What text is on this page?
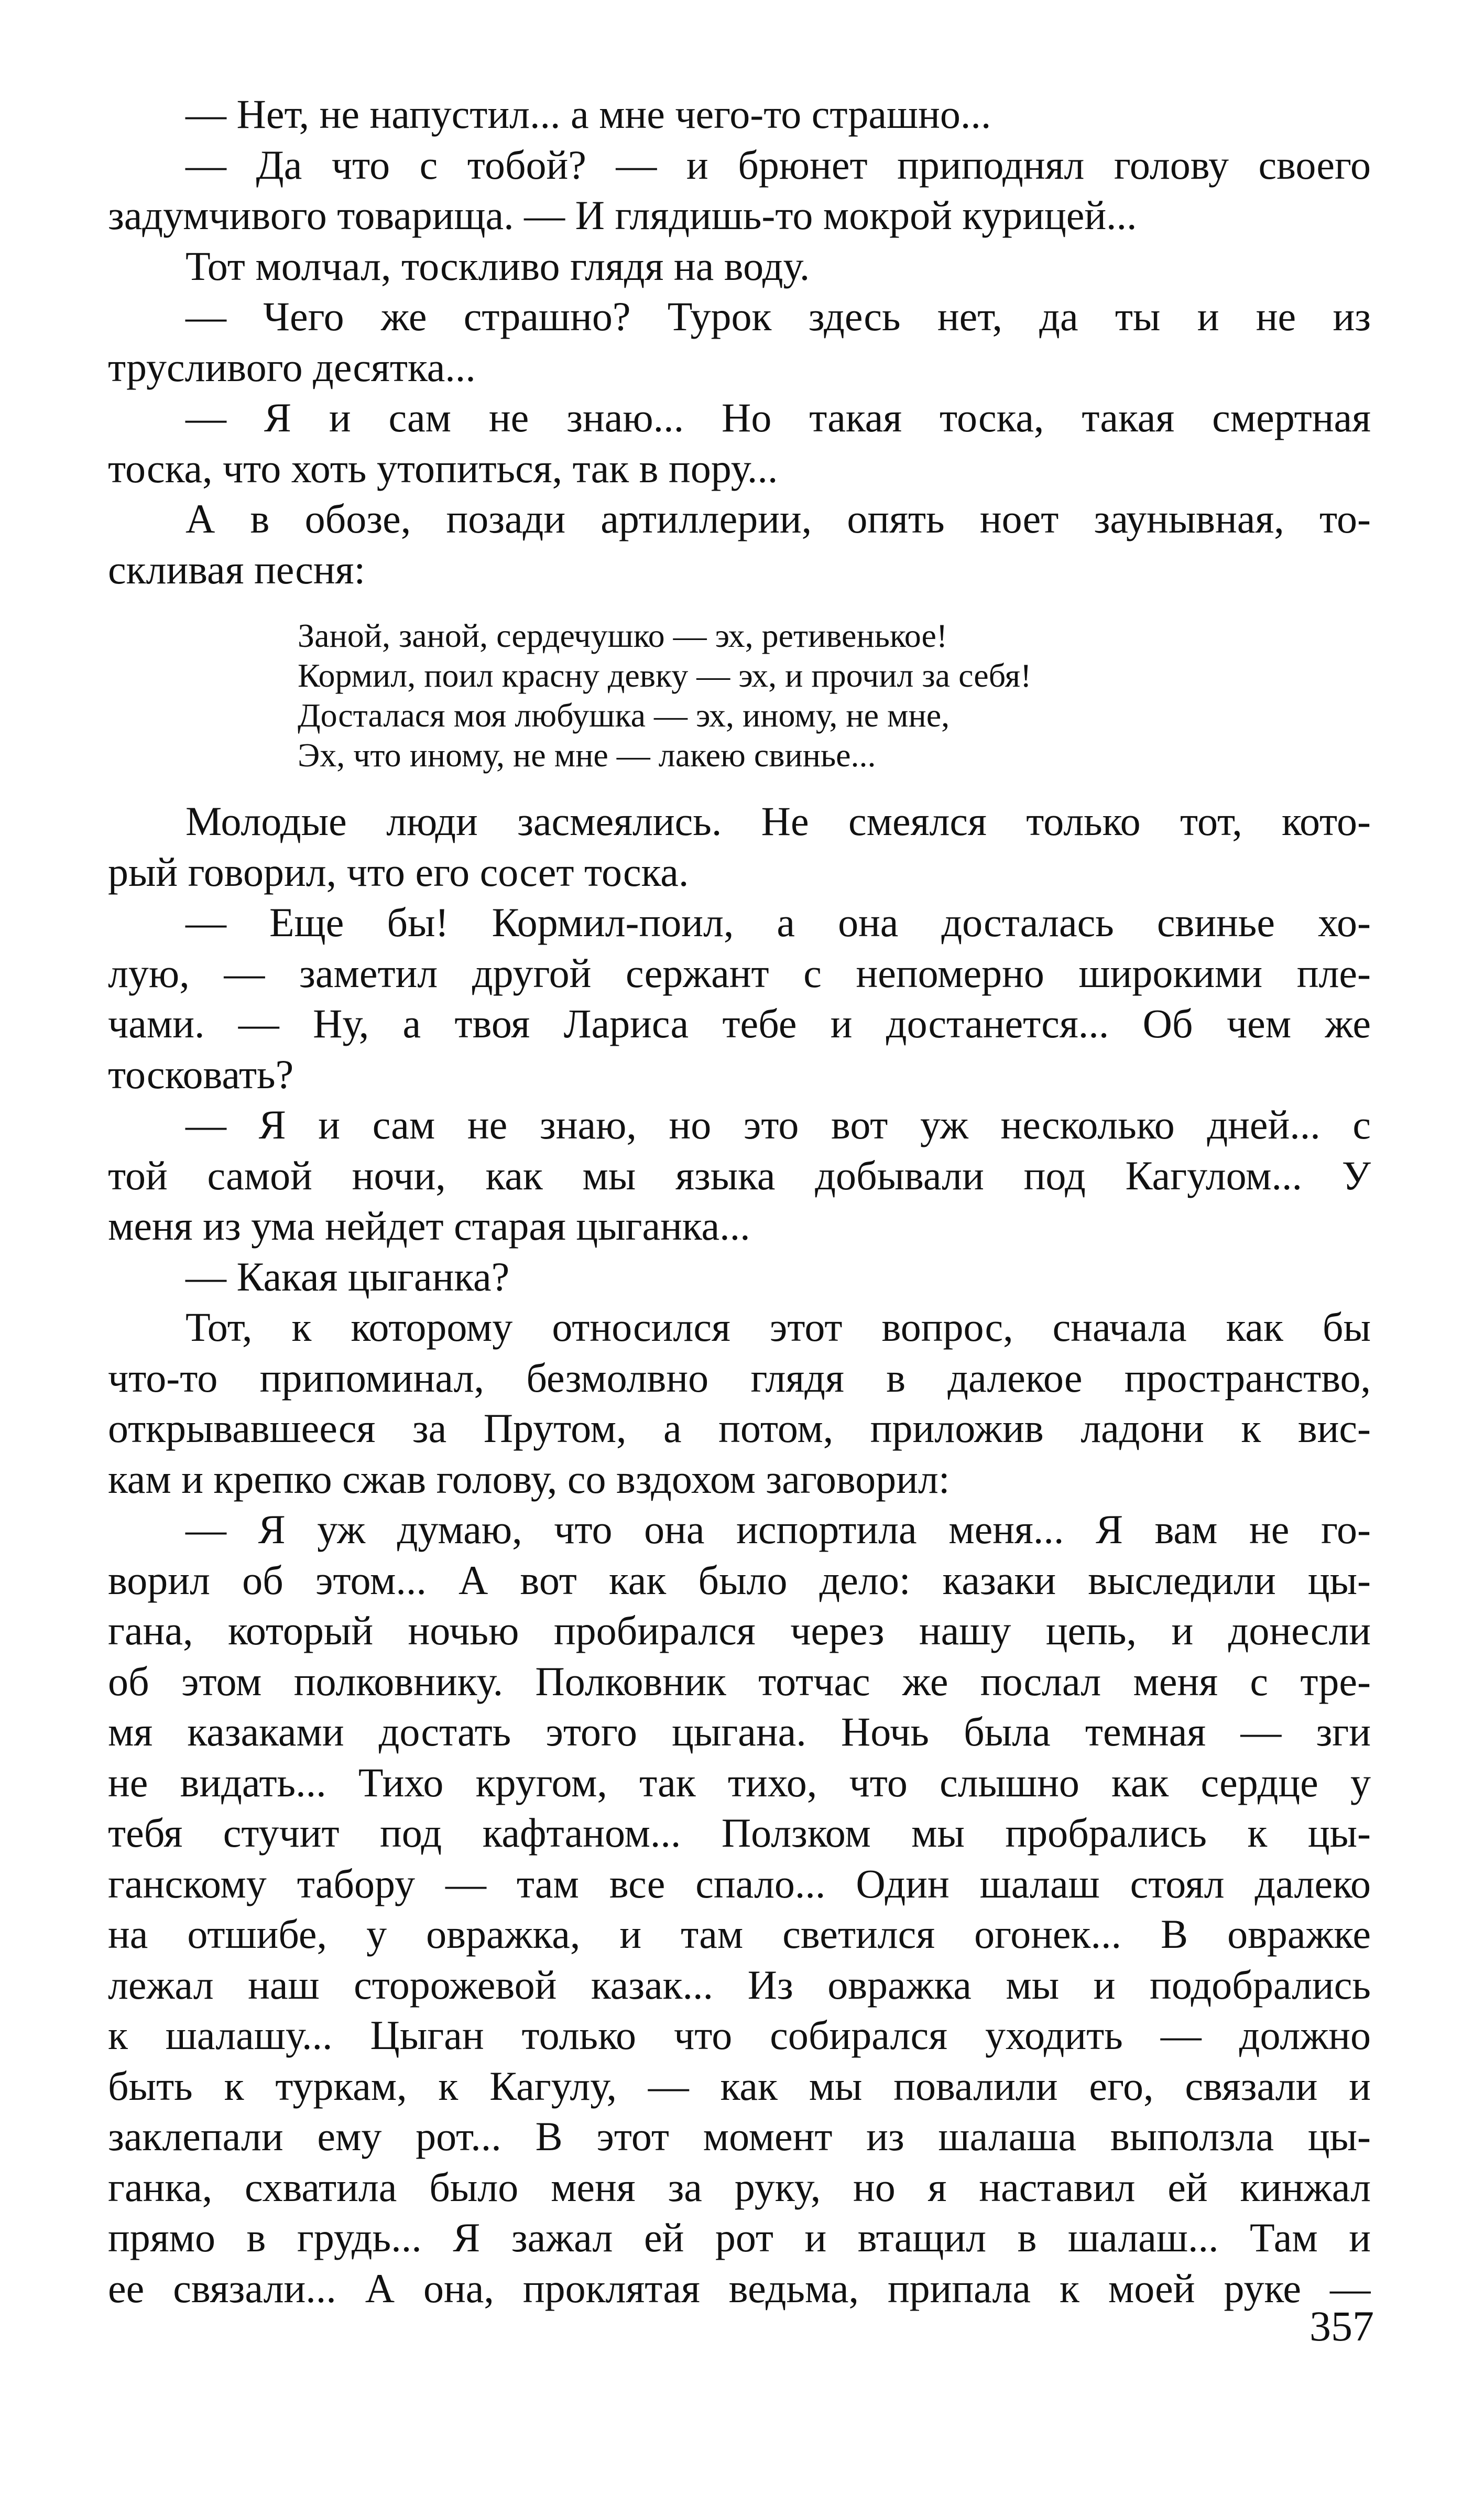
— Нет, не напустил... а мне чего-то страшно...
— Да что с тобой? — и брюнет приподнял голову своего
задумчивого товарища. — И глядишь-то мокрой курицей...
Тот молчал, тоскливо глядя на воду.
— Чего же страшно? Турок здесь нет, да ты и не из
трусливого десятка...
— Я и сам не знаю... Но такая тоска, такая смертная
тоска, что хоть утопиться, так в пору...
А в обозе, позади артиллерии, опять ноет заунывная, то-
скливая песня:
Заной, заной, сердечушко — эх, ретивенькое!
Кормил, поил красну девку — эх, и прочил за себя!
Досталася моя любушка — эх, иному, не мне,
Эх, что иному, не мне — лакею свинье...
Молодые люди засмеялись. Не смеялся только тот, кото-
рый говорил, что его сосет тоска.
— Еще бы! Кормил-поил, а она досталась свинье хо-
лую, — заметил другой сержант с непомерно широкими пле-
чами. — Ну, а твоя Лариса тебе и достанется... Об чем же
тосковать?
— Я и сам не знаю, но это вот уж несколько дней... с
той самой ночи, как мы языка добывали под Кагулом... У
меня из ума нейдет старая цыганка...
— Какая цыганка?
Тот, к которому относился этот вопрос, сначала как бы
что-то припоминал, безмолвно глядя в далекое пространство,
открывавшееся за Прутом, а потом, приложив ладони к вис-
кам и крепко сжав голову, со вздохом заговорил:
— Я уж думаю, что она испортила меня... Я вам не го-
ворил об этом... А вот как было дело: казаки выследили цы-
гана, который ночью пробирался через нашу цепь, и донесли
об этом полковнику. Полковник тотчас же послал меня с тре-
мя казаками достать этого цыгана. Ночь была темная — зги
не видать... Тихо кругом, так тихо, что слышно как сердце у
тебя стучит под кафтаном... Ползком мы пробрались к цы-
ганскому табору — там все спало... Один шалаш стоял далеко
на отшибе, у овражка, и там светился огонек... В овражке
лежал наш сторожевой казак... Из овражка мы и подобрались
к шалашу... Цыган только что собирался уходить — должно
быть к туркам, к Кагулу, — как мы повалили его, связали и
заклепали ему рот... В этот момент из шалаша выползла цы-
ганка, схватила было меня за руку, но я наставил ей кинжал
прямо в грудь... Я зажал ей рот и втащил в шалаш... Там и
ее связали... А она, проклятая ведьма, припала к моей руке —
357
